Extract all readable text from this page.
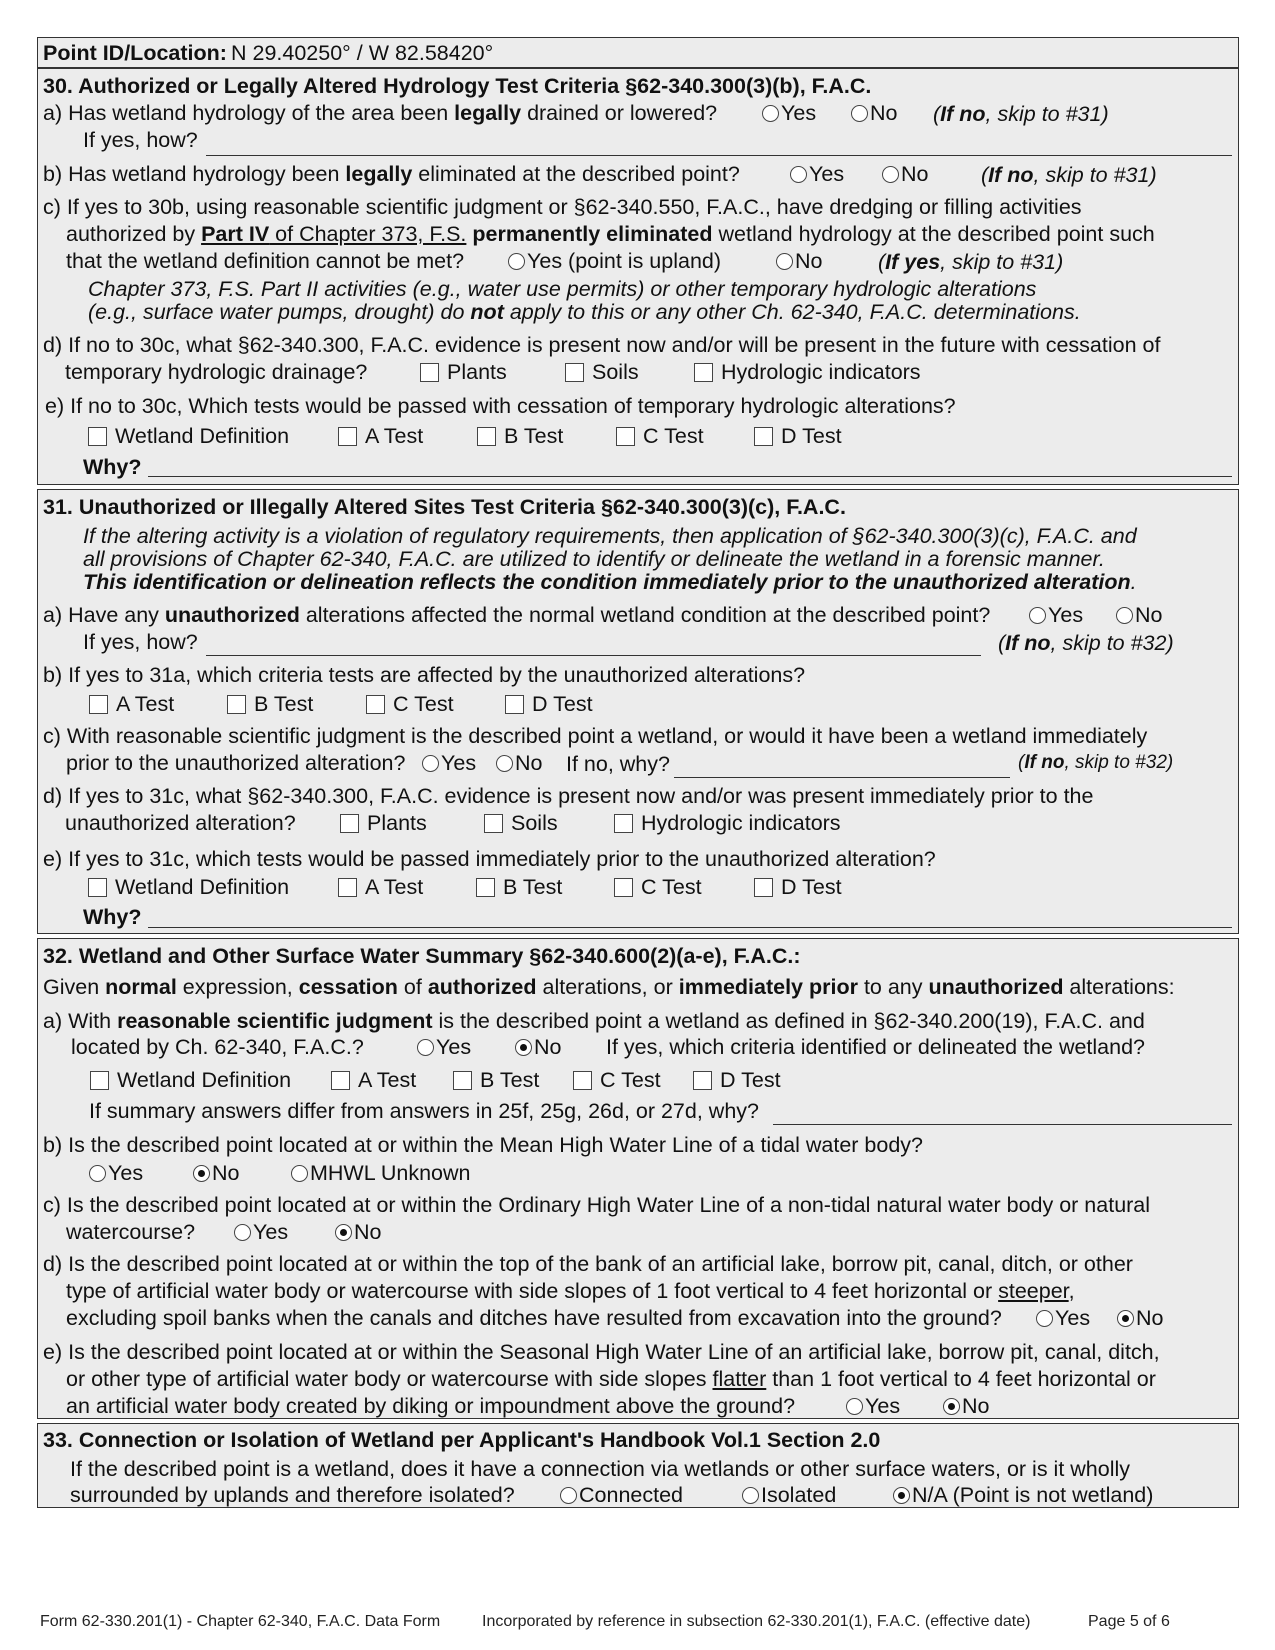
Point ID/Location: N 29.40250° / W 82.58420°
30. Authorized or Legally Altered Hydrology Test Criteria §62-340.300(3)(b), F.A.C.
a) Has wetland hydrology of the area been legally drained or lowered?	Yes	No (If no, skip to #31)
If yes, how?
b) Has wetland hydrology been legally eliminated at the described point?	Yes	No (If no, skip to #31)
c) If yes to 30b, using reasonable scientific judgment or §62-340.550, F.A.C., have dredging or filling activities
authorized by Part IV of Chapter 373, F.S. permanently eliminated wetland hydrology at the described point such
that the wetland definition cannot be met?	Yes (point is upland)	No	(If yes, skip to #31)
Chapter 373, F.S. Part II activities (e.g., water use permits) or other temporary hydrologic alterations
(e.g., surface water pumps, drought) do not apply to this or any other Ch. 62-340, F.A.C. determinations.
d) If no to 30c, what §62-340.300, F.A.C. evidence is present now and/or will be present in the future with cessation of
temporary hydrologic drainage?	Plants	Soils	Hydrologic indicators
e) If no to 30c, Which tests would be passed with cessation of temporary hydrologic alterations?
Wetland Definition	A Test	B Test	C Test	D Test
Why?
31. Unauthorized or Illegally Altered Sites Test Criteria §62-340.300(3)(c), F.A.C.
If the altering activity is a violation of regulatory requirements, then application of §62-340.300(3)(c), F.A.C. and
all provisions of Chapter 62-340, F.A.C. are utilized to identify or delineate the wetland in a forensic manner.
This identification or delineation reflects the condition immediately prior to the unauthorized alteration.
a) Have any unauthorized alterations affected the normal wetland condition at the described point?	Yes	No
If yes, how?	(If no, skip to #32)
b) If yes to 31a, which criteria tests are affected by the unauthorized alterations?
A Test	B Test	C Test	D Test
c) With reasonable scientific judgment is the described point a wetland, or would it have been a wetland immediately
prior to the unauthorized alteration?	Yes	No If no, why?	(If no, skip to #32)
d) If yes to 31c, what §62-340.300, F.A.C. evidence is present now and/or was present immediately prior to the
unauthorized alteration?	Plants	Soils	Hydrologic indicators
e) If yes to 31c, which tests would be passed immediately prior to the unauthorized alteration?
Wetland Definition	A Test	B Test	C Test	D Test
Why?
32. Wetland and Other Surface Water Summary §62-340.600(2)(a-e), F.A.C.:
Given normal expression, cessation of authorized alterations, or immediately prior to any unauthorized alterations:
a) With reasonable scientific judgment is the described point a wetland as defined in §62-340.200(19), F.A.C. and
located by Ch. 62-340, F.A.C.?	Yes	No If yes, which criteria identified or delineated the wetland?
Wetland Definition	A Test	B Test	C Test	D Test
If summary answers differ from answers in 25f, 25g, 26d, or 27d, why?
b) Is the described point located at or within the Mean High Water Line of a tidal water body?
Yes	No	MHWL Unknown
c) Is the described point located at or within the Ordinary High Water Line of a non-tidal natural water body or natural
watercourse?	Yes	No
d) Is the described point located at or within the top of the bank of an artificial lake, borrow pit, canal, ditch, or other
type of artificial water body or watercourse with side slopes of 1 foot vertical to 4 feet horizontal or steeper,
excluding spoil banks when the canals and ditches have resulted from excavation into the ground?	Yes	No
e) Is the described point located at or within the Seasonal High Water Line of an artificial lake, borrow pit, canal, ditch,
or other type of artificial water body or watercourse with side slopes flatter than 1 foot vertical to 4 feet horizontal or
an artificial water body created by diking or impoundment above the ground?	Yes	No
33. Connection or Isolation of Wetland per Applicant's Handbook Vol.1 Section 2.0
If the described point is a wetland, does it have a connection via wetlands or other surface waters, or is it wholly
surrounded by uplands and therefore isolated?	Connected	Isolated	N/A (Point is not wetland)
Form 62-330.201(1) - Chapter 62-340, F.A.C. Data Form	Incorporated by reference in subsection 62-330.201(1), F.A.C. (effective date)	Page 5 of 6
